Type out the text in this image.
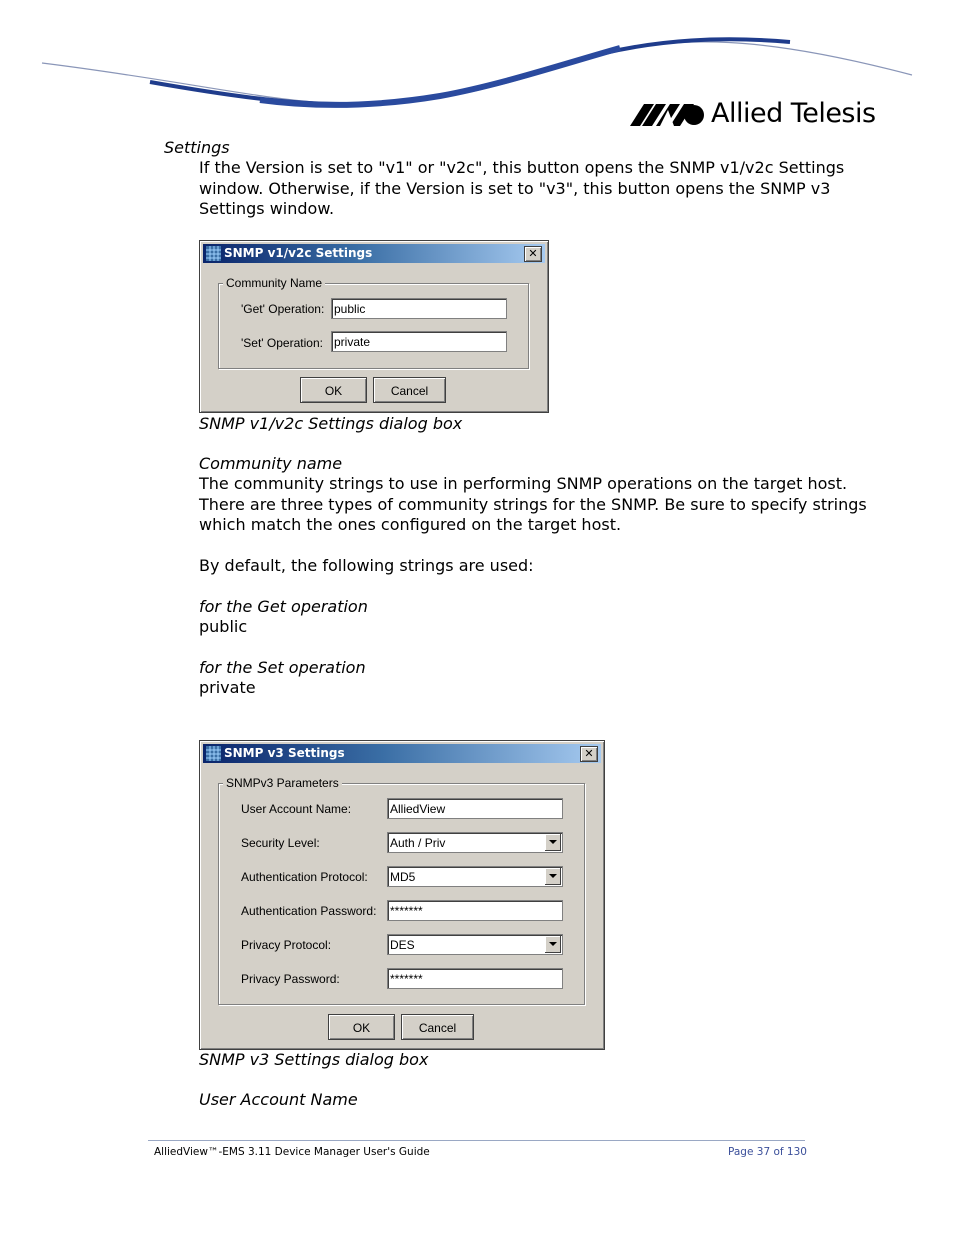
Allied Telesis
Settings
If the Version is set to "v1" or "v2c", this button opens the SNMP v1/v2c Settings
window. Otherwise, if the Version is set to "v3", this button opens the SNMP v3
Settings window.
SNMP v1/v2c Settings	✕
Community Name
'Get' Operation: public
'Set' Operation: private
OK	Cancel
SNMP v1/v2c Settings dialog box
Community name
The community strings to use in performing SNMP operations on the target host.
There are three types of community strings for the SNMP. Be sure to specify strings
which match the ones configured on the target host.
By default, the following strings are used:
for the Get operation
public
for the Set operation
private
SNMP v3 Settings	✕
SNMPv3 Parameters
User Account Name:	AlliedView
Security Level:	Auth / Priv
Authentication Protocol: MD5
Authentication Password: *******
Privacy Protocol:	DES
Privacy Password:	*******
OK	Cancel
SNMP v3 Settings dialog box
User Account Name
AlliedView™-EMS 3.11 Device Manager User's Guide	Page 37 of 130
